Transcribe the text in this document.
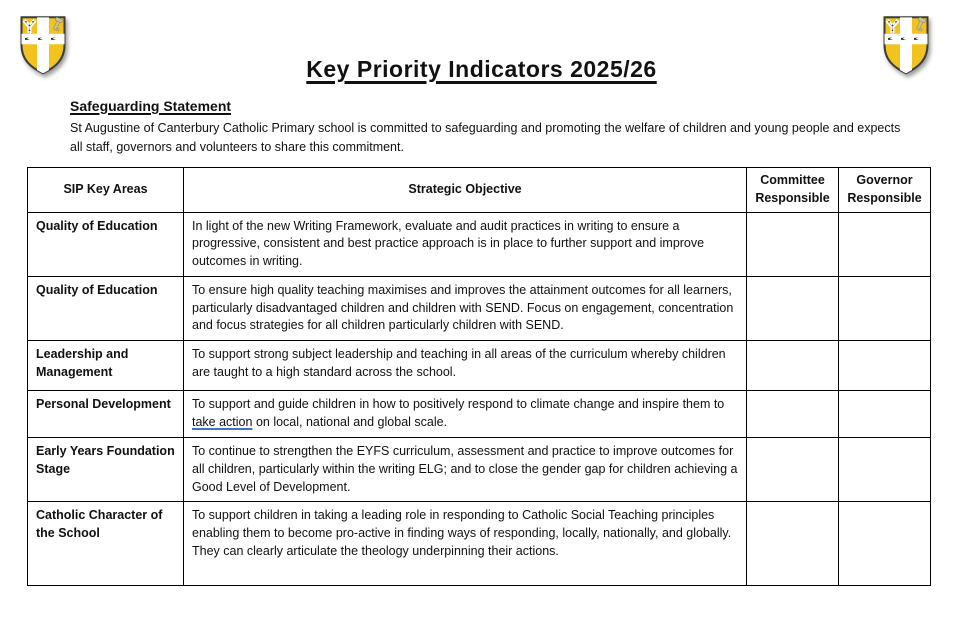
Key Priority Indicators 2025/26
Safeguarding Statement
St Augustine of Canterbury Catholic Primary school is committed to safeguarding and promoting the welfare of children and young people and expects all staff, governors and volunteers to share this commitment.
SIP Key Areas	Strategic Objective	Committee Responsible	Governor Responsible
Quality of Education	In light of the new Writing Framework, evaluate and audit practices in writing to ensure a progressive, consistent and best practice approach is in place to further support and improve outcomes in writing.		
Quality of Education	To ensure high quality teaching maximises and improves the attainment outcomes for all learners, particularly disadvantaged children and children with SEND. Focus on engagement, concentration and focus strategies for all children particularly children with SEND.		
Leadership and Management	To support strong subject leadership and teaching in all areas of the curriculum whereby children are taught to a high standard across the school.		
Personal Development	To support and guide children in how to positively respond to climate change and inspire them to take action on local, national and global scale.		
Early Years Foundation Stage	To continue to strengthen the EYFS curriculum, assessment and practice to improve outcomes for all children, particularly within the writing ELG; and to close the gender gap for children achieving a Good Level of Development.		
Catholic Character of the School	To support children in taking a leading role in responding to Catholic Social Teaching principles enabling them to become pro-active in finding ways of responding, locally, nationally, and globally. They can clearly articulate the theology underpinning their actions.		
